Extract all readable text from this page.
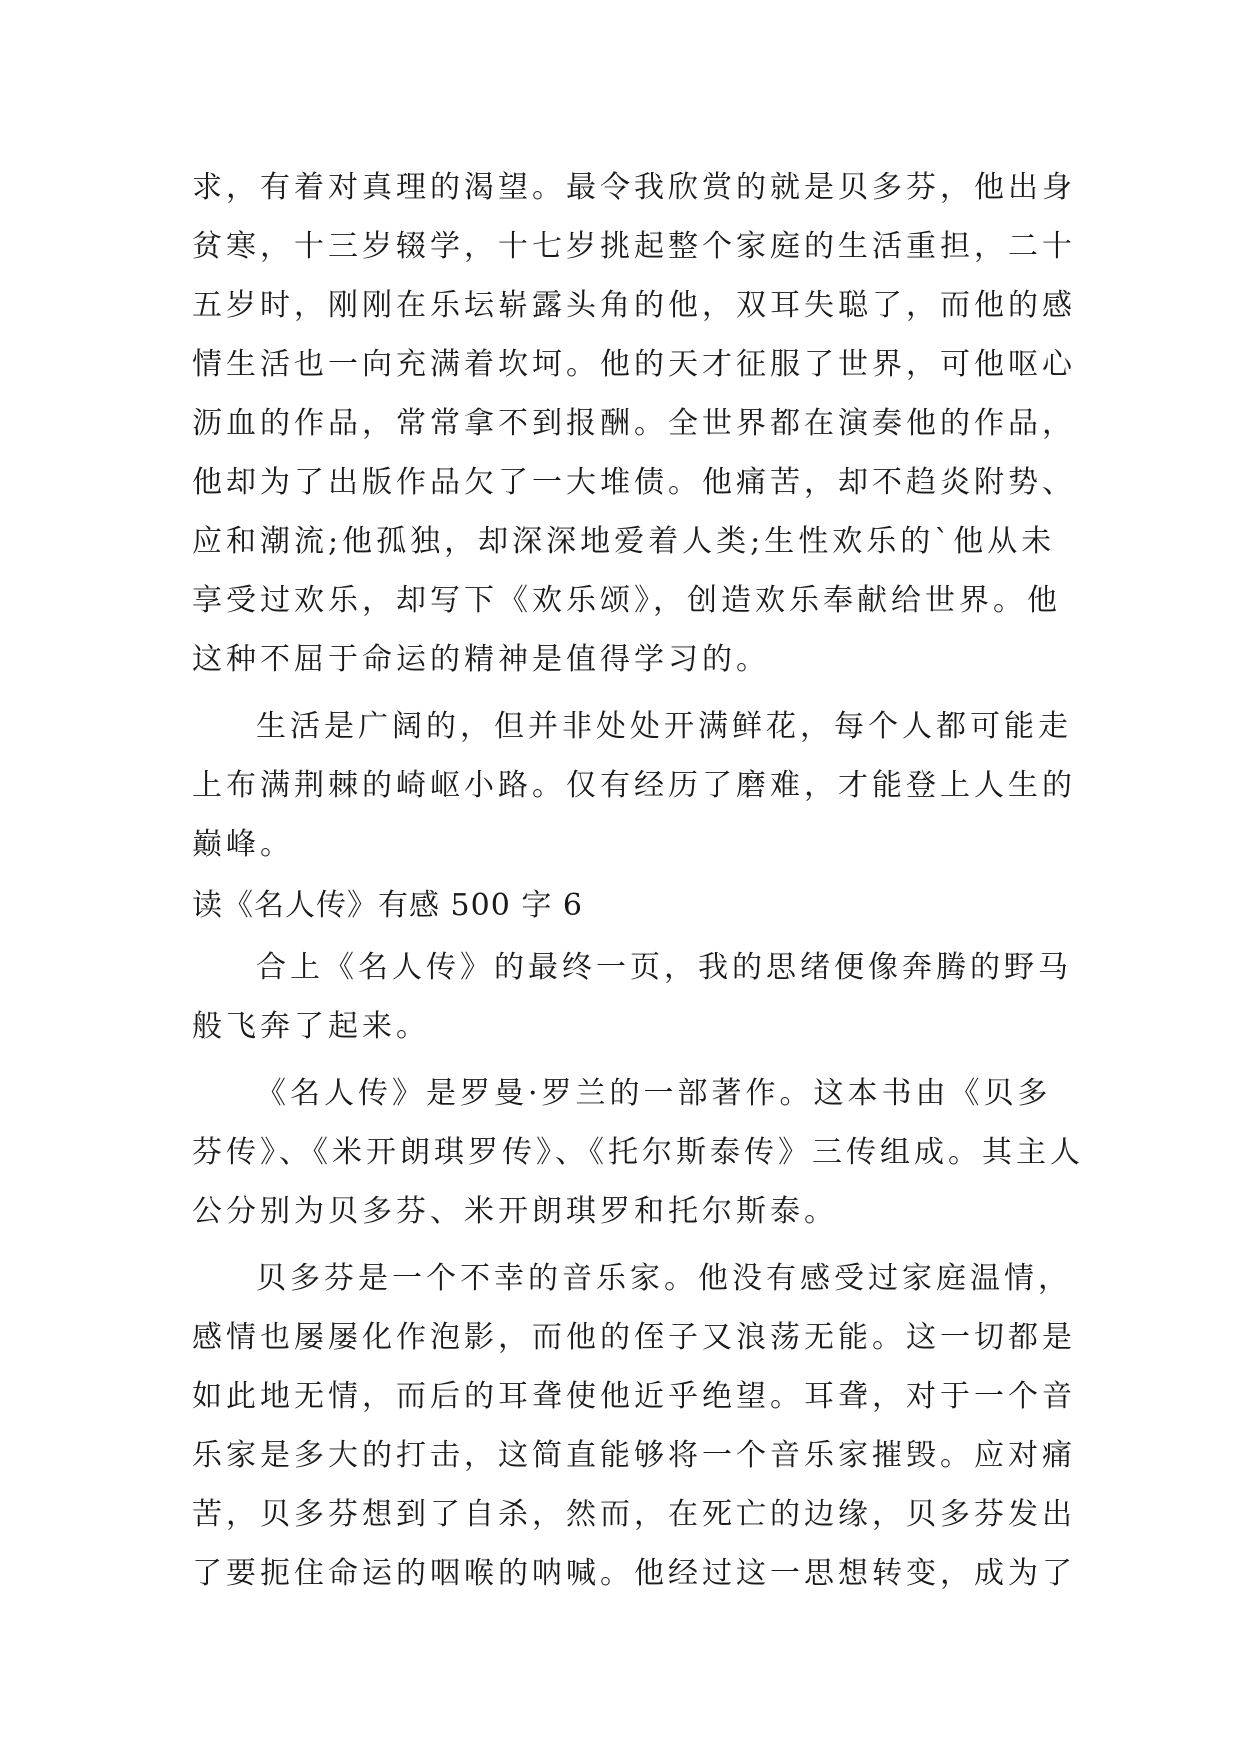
求，有着对真理的渴望。最令我欣赏的就是贝多芬，他出身
贫寒，十三岁辍学，十七岁挑起整个家庭的生活重担，二十
五岁时，刚刚在乐坛崭露头角的他，双耳失聪了，而他的感
情生活也一向充满着坎坷。他的天才征服了世界，可他呕心
沥血的作品，常常拿不到报酬。全世界都在演奏他的作品，
他却为了出版作品欠了一大堆债。他痛苦，却不趋炎附势、
应和潮流;他孤独，却深深地爱着人类;生性欢乐的`他从未
享受过欢乐，却写下《欢乐颂》，创造欢乐奉献给世界。他
这种不屈于命运的精神是值得学习的。
生活是广阔的，但并非处处开满鲜花，每个人都可能走
上布满荆棘的崎岖小路。仅有经历了磨难，才能登上人生的
巅峰。
读《名人传》有感 500 字 6
合上《名人传》的最终一页，我的思绪便像奔腾的野马
般飞奔了起来。
《名人传》是罗曼·罗兰的一部著作。这本书由《贝多
芬传》、《米开朗琪罗传》、《托尔斯泰传》三传组成。其主人
公分别为贝多芬、米开朗琪罗和托尔斯泰。
贝多芬是一个不幸的音乐家。他没有感受过家庭温情，
感情也屡屡化作泡影，而他的侄子又浪荡无能。这一切都是
如此地无情，而后的耳聋使他近乎绝望。耳聋，对于一个音
乐家是多大的打击，这简直能够将一个音乐家摧毁。应对痛
苦，贝多芬想到了自杀，然而，在死亡的边缘，贝多芬发出
了要扼住命运的咽喉的呐喊。他经过这一思想转变，成为了
